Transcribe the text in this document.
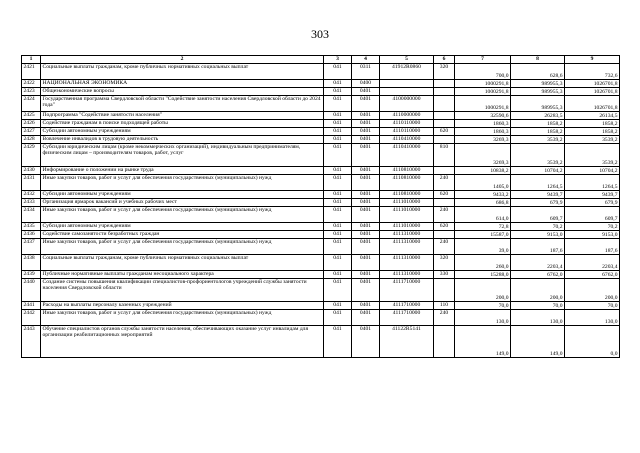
303
1	2	3	4	5	6	7	8	9
2421	Социальные выплаты гражданам, кроме публичных нормативных социальных выплат	041	0311	41912R0860	320	700,0	628,6	732,6
2422	НАЦИОНАЛЬНАЯ ЭКОНОМИКА	041	0400			1000291,8	989955,3	1026701,8
2423	Общеэкономические вопросы	041	0401			1000291,8	989955,3	1026701,8
2424	Государственная программа Свердловской области "Содействие занятости населения Свердловской области до 2024 года"	041	0401	4100000000		1000291,8	989955,3	1026701,8
2425	Подпрограмма "Содействие занятости населения"	041	0401	4110000000		32590,6	26283,5	26134,5
2426	Содействие гражданам в поиске подходящей работы	041	0401	4110110000		1860,3	1858,2	1858,2
2427	Субсидии автономным учреждениям	041	0401	4110110000	620	1860,3	1858,2	1858,2
2428	Вовлечение инвалидов в трудовую деятельность	041	0401	4110410000		3269,3	3539,2	3539,2
2429	Субсидии юридическим лицам (кроме некоммерческих организаций), индивидуальным предпринимателям, физическим лицам – производителям товаров, работ, услуг	041	0401	4110410000	810	3269,3	3539,2	3539,2
2430	Информирование о положении на рынке труда	041	0401	4110810000		10838,2	10704,2	10704,2
2431	Иные закупки товаров, работ и услуг для обеспечения государственных (муниципальных) нужд	041	0401	4110810000	240	1405,0	1264,5	1264,5
2432	Субсидии автономным учреждениям	041	0401	4110810000	620	9433,2	9439,7	9439,7
2433	Организация ярмарок вакансий и учебных рабочих мест	041	0401	4111010000		686,8	679,9	679,9
2434	Иные закупки товаров, работ и услуг для обеспечения государственных (муниципальных) нужд	041	0401	4111010000	240	614,0	609,7	609,7
2435	Субсидии автономным учреждениям	041	0401	4111010000	620	72,8	70,2	70,2
2436	Содействие самозанятости безработных граждан	041	0401	4111310000		15587,0	9153,0	9153,0
2437	Иные закупки товаров, работ и услуг для обеспечения государственных (муниципальных) нужд	041	0401	4111310000	240	39,0	187,6	187,6
2438	Социальные выплаты гражданам, кроме публичных нормативных социальных выплат	041	0401	4111310000	320	260,0	2203,4	2203,4
2439	Публичные нормативные выплаты гражданам несоциального характера	041	0401	4111310000	330	15288,0	6762,0	6762,0
2440	Создание системы повышения квалификации специалистов-профориентологов учреждений службы занятости населения Свердловской области	041	0401	4111710000		200,0	200,0	200,0
2441	Расходы на выплаты персоналу казенных учреждений	041	0401	4111710000	110	70,0	70,0	70,0
2442	Иные закупки товаров, работ и услуг для обеспечения государственных (муниципальных) нужд	041	0401	4111710000	240	130,0	130,0	130,0
2443	Обучение специалистов органов службы занятости населения, обеспечивающих оказание услуг инвалидам для организации реабилитационных мероприятий	041	0401	41122R5141		149,0	149,0	0,0
